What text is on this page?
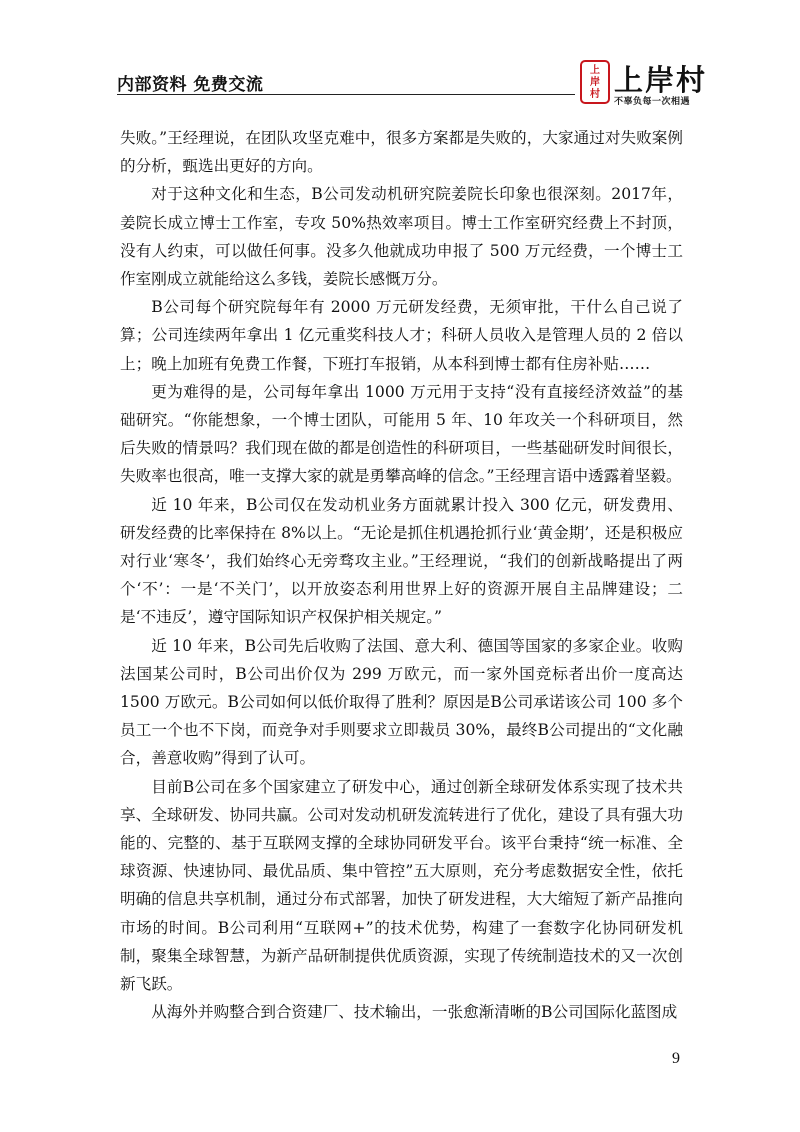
内部资料 免费交流
上
岸
村 上岸村
不辜负每一次相遇

失败。”王经理说，在团队攻坚克难中，很多方案都是失败的，大家通过对失败案例的分析，甄选出更好的方向。

对于这种文化和生态，B公司发动机研究院姜院长印象也很深刻。2017年，姜院长成立博士工作室，专攻 50%热效率项目。博士工作室研究经费上不封顶，没有人约束，可以做任何事。没多久他就成功申报了 500 万元经费，一个博士工作室刚成立就能给这么多钱，姜院长感慨万分。

B公司每个研究院每年有 2000 万元研发经费，无须审批，干什么自己说了算；公司连续两年拿出 1 亿元重奖科技人才；科研人员收入是管理人员的 2 倍以上；晚上加班有免费工作餐，下班打车报销，从本科到博士都有住房补贴……

更为难得的是，公司每年拿出 1000 万元用于支持“没有直接经济效益”的基础研究。“你能想象，一个博士团队，可能用 5 年、10 年攻关一个科研项目，然后失败的情景吗？我们现在做的都是创造性的科研项目，一些基础研发时间很长，失败率也很高，唯一支撑大家的就是勇攀高峰的信念。”王经理言语中透露着坚毅。

近 10 年来，B公司仅在发动机业务方面就累计投入 300 亿元，研发费用、研发经费的比率保持在 8%以上。“无论是抓住机遇抢抓行业‘黄金期’，还是积极应对行业‘寒冬’，我们始终心无旁骛攻主业。”王经理说，“我们的创新战略提出了两个‘不’：一是‘不关门’，以开放姿态利用世界上好的资源开展自主品牌建设；二是‘不违反’，遵守国际知识产权保护相关规定。”

近 10 年来，B公司先后收购了法国、意大利、德国等国家的多家企业。收购法国某公司时，B公司出价仅为 299 万欧元，而一家外国竞标者出价一度高达 1500 万欧元。B公司如何以低价取得了胜利？原因是B公司承诺该公司 100 多个员工一个也不下岗，而竞争对手则要求立即裁员 30%，最终B公司提出的“文化融合，善意收购”得到了认可。

目前B公司在多个国家建立了研发中心，通过创新全球研发体系实现了技术共享、全球研发、协同共赢。公司对发动机研发流转进行了优化，建设了具有强大功能的、完整的、基于互联网支撑的全球协同研发平台。该平台秉持“统一标准、全球资源、快速协同、最优品质、集中管控”五大原则，充分考虑数据安全性，依托明确的信息共享机制，通过分布式部署，加快了研发进程，大大缩短了新产品推向市场的时间。B公司利用“互联网+”的技术优势，构建了一套数字化协同研发机制，聚集全球智慧，为新产品研制提供优质资源，实现了传统制造技术的又一次创新飞跃。

从海外并购整合到合资建厂、技术输出，一张愈渐清晰的B公司国际化蓝图成

9
